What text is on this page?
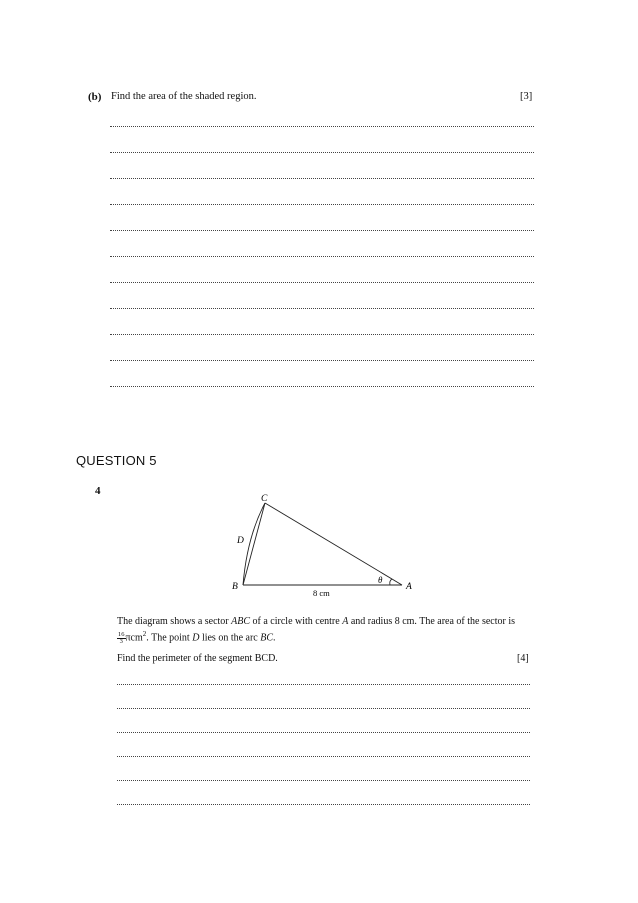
(b) Find the area of the shaded region.	[3]
QUESTION 5
4
C
D
B	A
θ
8 cm
The diagram shows a sector ABC of a circle with centre A and radius 8 cm. The area of the sector is
$\frac{16}{3} \pi cm^2$. The point D lies on the arc BC.
Find the perimeter of the segment BCD.	[4]
